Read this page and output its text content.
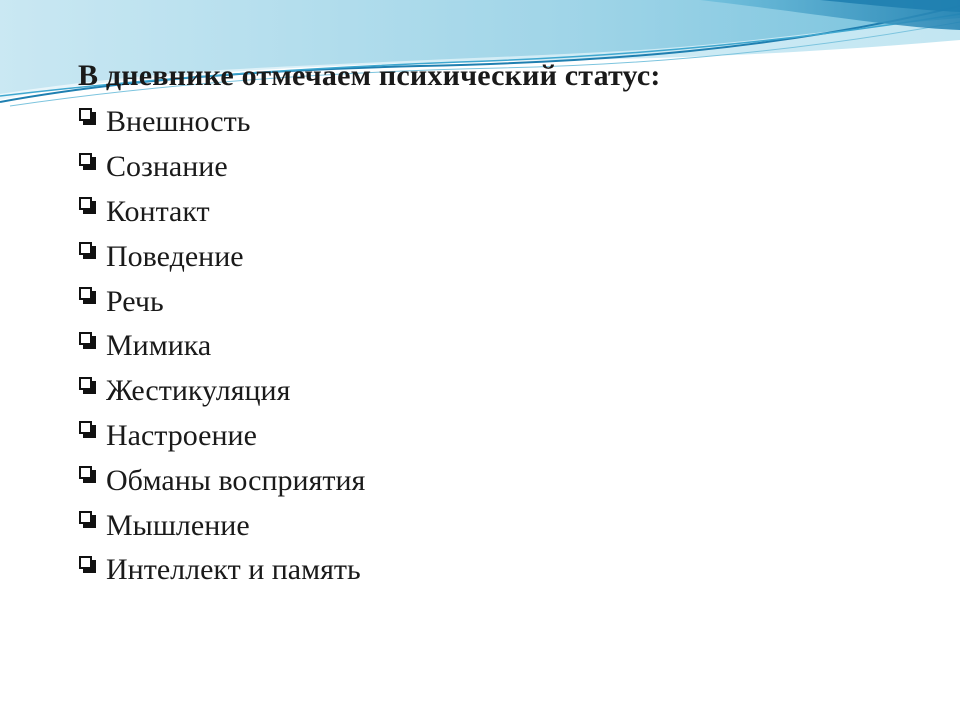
В дневнике отмечаем психический статус:
Внешность
Сознание
Контакт
Поведение
Речь
Мимика
Жестикуляция
Настроение
Обманы восприятия
Мышление
Интеллект и память
